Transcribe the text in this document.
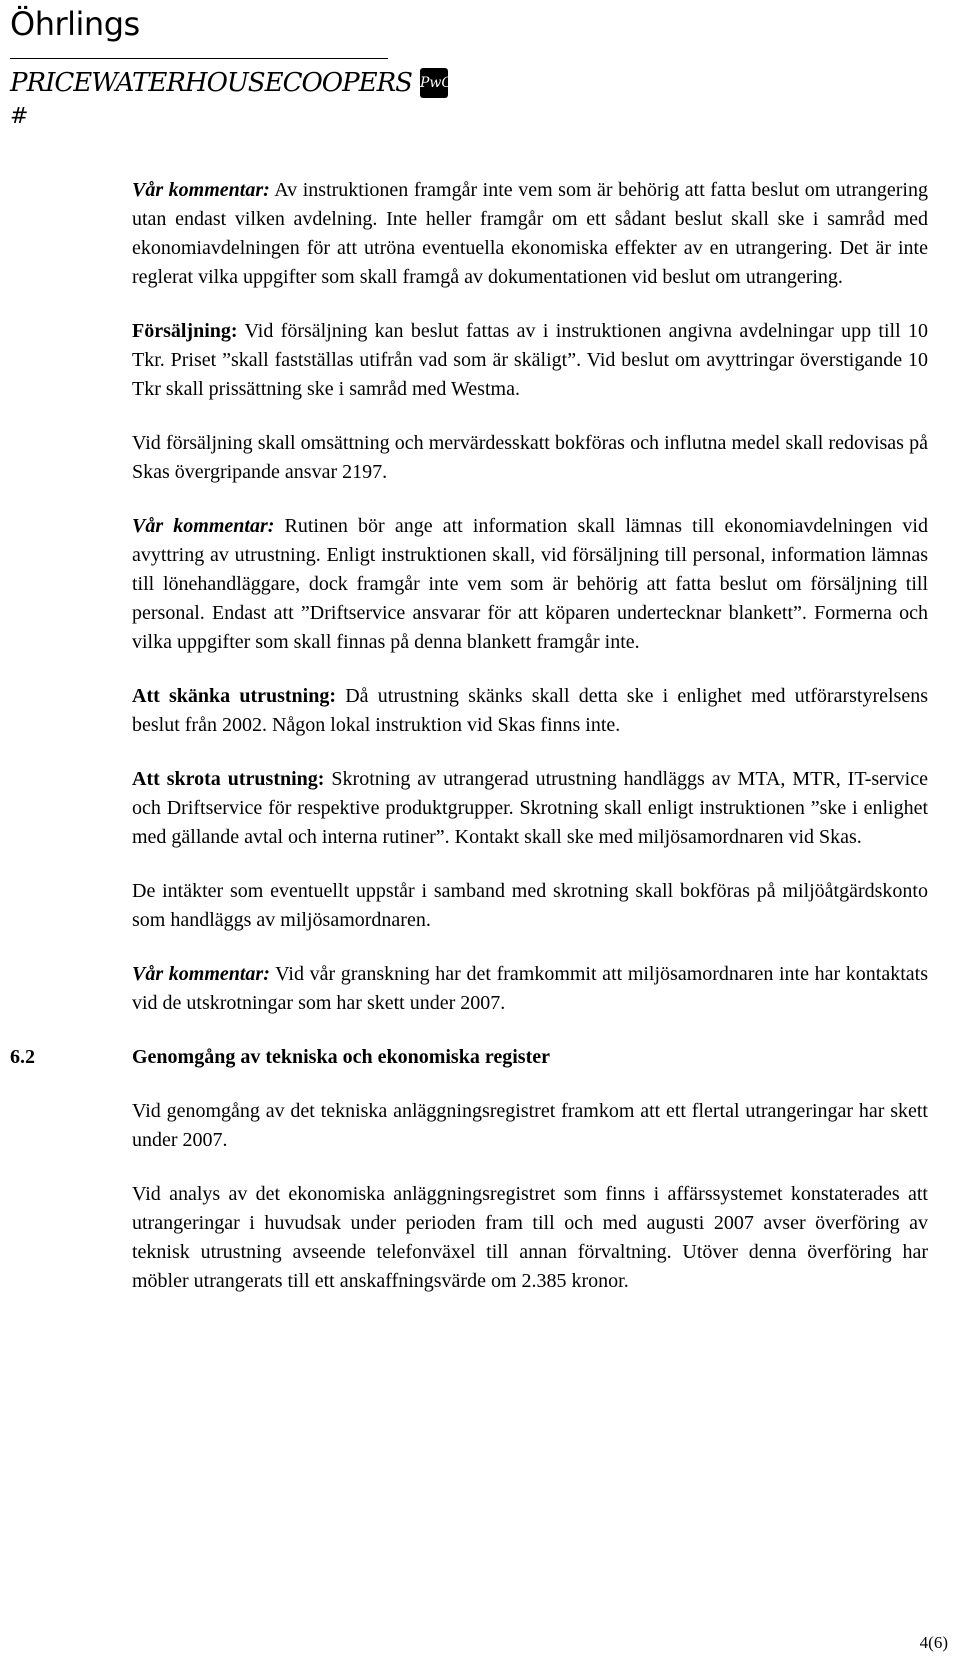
Öhrlings
PRICEWATERHOUSECOOPERS PwC
#

Vår kommentar: Av instruktionen framgår inte vem som är behörig att fatta beslut om utrangering utan endast vilken avdelning. Inte heller framgår om ett sådant beslut skall ske i samråd med ekonomiavdelningen för att utröna eventuella ekonomiska effekter av en utrangering. Det är inte reglerat vilka uppgifter som skall framgå av dokumentationen vid beslut om utrangering.

Försäljning: Vid försäljning kan beslut fattas av i instruktionen angivna avdelningar upp till 10 Tkr. Priset ”skall fastställas utifrån vad som är skäligt”. Vid beslut om avyttringar överstigande 10 Tkr skall prissättning ske i samråd med Westma.

Vid försäljning skall omsättning och mervärdesskatt bokföras och influtna medel skall redovisas på Skas övergripande ansvar 2197.

Vår kommentar: Rutinen bör ange att information skall lämnas till ekonomiavdelningen vid avyttring av utrustning. Enligt instruktionen skall, vid försäljning till personal, information lämnas till lönehandläggare, dock framgår inte vem som är behörig att fatta beslut om försäljning till personal. Endast att ”Driftservice ansvarar för att köparen undertecknar blankett”. Formerna och vilka uppgifter som skall finnas på denna blankett framgår inte.

Att skänka utrustning: Då utrustning skänks skall detta ske i enlighet med utförarstyrelsens beslut från 2002. Någon lokal instruktion vid Skas finns inte.

Att skrota utrustning: Skrotning av utrangerad utrustning handläggs av MTA, MTR, IT-service och Driftservice för respektive produktgrupper. Skrotning skall enligt instruktionen ”ske i enlighet med gällande avtal och interna rutiner”. Kontakt skall ske med miljösamordnaren vid Skas.

De intäkter som eventuellt uppstår i samband med skrotning skall bokföras på miljöåtgärdskonto som handläggs av miljösamordnaren.

Vår kommentar: Vid vår granskning har det framkommit att miljösamordnaren inte har kontaktats vid de utskrotningar som har skett under 2007.

6.2	Genomgång av tekniska och ekonomiska register

Vid genomgång av det tekniska anläggningsregistret framkom att ett flertal utrangeringar har skett under 2007.

Vid analys av det ekonomiska anläggningsregistret som finns i affärssystemet konstaterades att utrangeringar i huvudsak under perioden fram till och med augusti 2007 avser överföring av teknisk utrustning avseende telefonväxel till annan förvaltning. Utöver denna överföring har möbler utrangerats till ett anskaffningsvärde om 2.385 kronor.

4(6)
